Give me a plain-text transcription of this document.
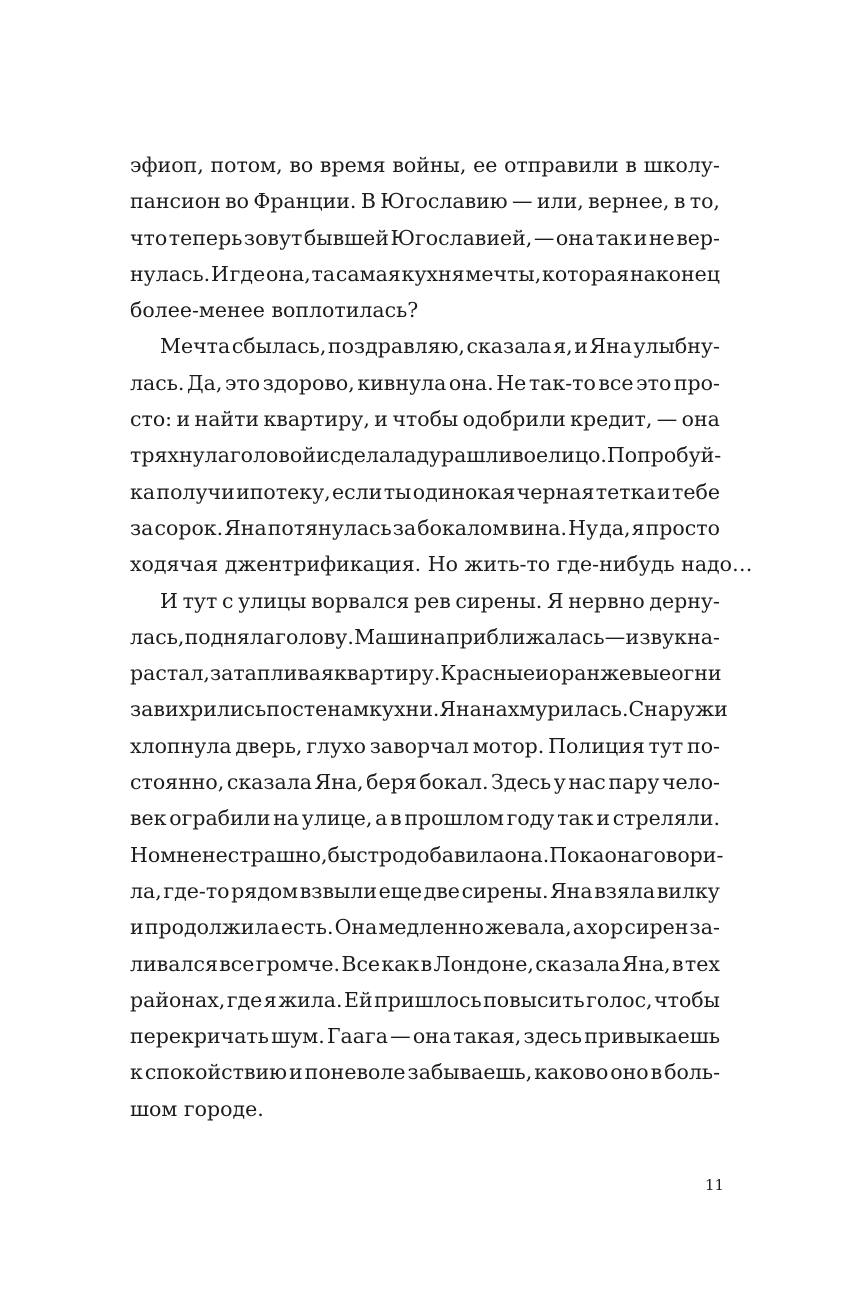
эфиоп, потом, во время войны, ее отправили в школу-
пансион во Франции. В Югославию — или, вернее, в то,
что теперь зовут бывшей Югославией, — она так и не вер-
нулась. И где она, та самая кухня мечты, которая наконец
более-менее воплотилась?
Мечта сбылась, поздравляю, сказала я, и Яна улыбну-
лась. Да, это здорово, кивнула она. Не так-то все это про-
сто: и найти квартиру, и чтобы одобрили кредит, — она
тряхнула головой и сделала дурашливое лицо. Попробуй-
ка получи ипотеку, если ты одинокая черная тетка и тебе
за сорок. Яна потянулась за бокалом вина. Ну да, я просто
ходячая джентрификация. Но жить-то где-нибудь надо…
И тут с улицы ворвался рев сирены. Я нервно дерну-
лась, подняла голову. Машина приближалась — и звук на-
растал, затапливая квартиру. Красные и оранжевые огни
завихрились по стенам кухни. Яна нахмурилась. Снаружи
хлопнула дверь, глухо заворчал мотор. Полиция тут по-
стоянно, сказала Яна, беря бокал. Здесь у нас пару чело-
век ограбили на улице, а в прошлом году так и стреляли.
Но мне не страшно, быстро добавила она. Пока она говори-
ла, где-то рядом взвыли еще две сирены. Яна взяла вилку
и продолжила есть. Она медленно жевала, а хор сирен за-
ливался все громче. Все как в Лондоне, сказала Яна, в тех
районах, где я жила. Ей пришлось повысить голос, чтобы
перекричать шум. Гаага — она такая, здесь привыкаешь
к спокойствию и поневоле забываешь, каково оно в боль-
шом городе.
11
